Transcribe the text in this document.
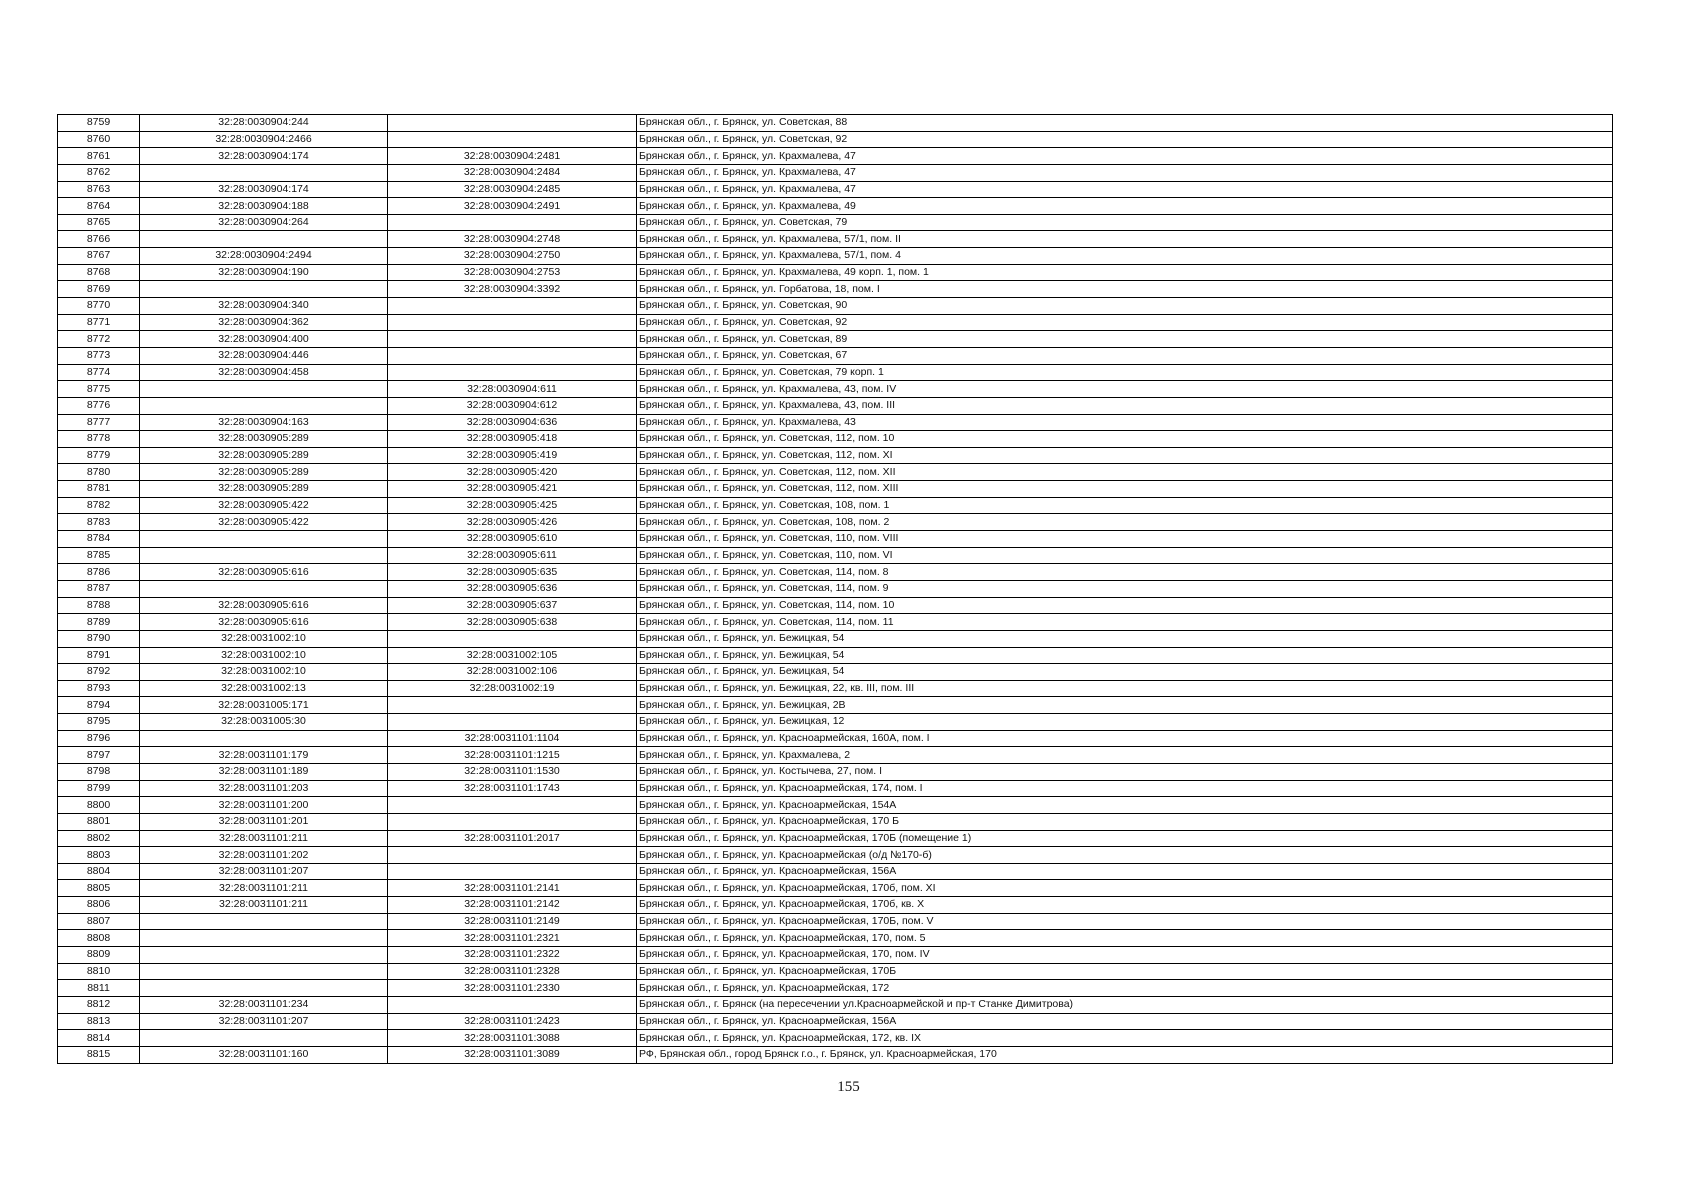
8759	32:28:0030904:244		Брянская обл., г. Брянск, ул. Советская, 88
8760	32:28:0030904:2466		Брянская обл., г. Брянск, ул. Советская, 92
8761	32:28:0030904:174	32:28:0030904:2481	Брянская обл., г. Брянск, ул. Крахмалева, 47
8762		32:28:0030904:2484	Брянская обл., г. Брянск, ул. Крахмалева, 47
8763	32:28:0030904:174	32:28:0030904:2485	Брянская обл., г. Брянск, ул. Крахмалева, 47
8764	32:28:0030904:188	32:28:0030904:2491	Брянская обл., г. Брянск, ул. Крахмалева, 49
8765	32:28:0030904:264		Брянская обл., г. Брянск, ул. Советская, 79
8766		32:28:0030904:2748	Брянская обл., г. Брянск, ул. Крахмалева, 57/1, пом. II
8767	32:28:0030904:2494	32:28:0030904:2750	Брянская обл., г. Брянск, ул. Крахмалева, 57/1, пом. 4
8768	32:28:0030904:190	32:28:0030904:2753	Брянская обл., г. Брянск, ул. Крахмалева, 49 корп. 1, пом. 1
8769		32:28:0030904:3392	Брянская обл., г. Брянск, ул. Горбатова, 18, пом. I
8770	32:28:0030904:340		Брянская обл., г. Брянск, ул. Советская, 90
8771	32:28:0030904:362		Брянская обл., г. Брянск, ул. Советская, 92
8772	32:28:0030904:400		Брянская обл., г. Брянск, ул. Советская, 89
8773	32:28:0030904:446		Брянская обл., г. Брянск, ул. Советская, 67
8774	32:28:0030904:458		Брянская обл., г. Брянск, ул. Советская, 79 корп. 1
8775		32:28:0030904:611	Брянская обл., г. Брянск, ул. Крахмалева, 43, пом. IV
8776		32:28:0030904:612	Брянская обл., г. Брянск, ул. Крахмалева, 43, пом. III
8777	32:28:0030904:163	32:28:0030904:636	Брянская обл., г. Брянск, ул. Крахмалева, 43
8778	32:28:0030905:289	32:28:0030905:418	Брянская обл., г. Брянск, ул. Советская, 112, пом. 10
8779	32:28:0030905:289	32:28:0030905:419	Брянская обл., г. Брянск, ул. Советская, 112, пом. XI
8780	32:28:0030905:289	32:28:0030905:420	Брянская обл., г. Брянск, ул. Советская, 112, пом. XII
8781	32:28:0030905:289	32:28:0030905:421	Брянская обл., г. Брянск, ул. Советская, 112, пом. XIII
8782	32:28:0030905:422	32:28:0030905:425	Брянская обл., г. Брянск, ул. Советская, 108, пом. 1
8783	32:28:0030905:422	32:28:0030905:426	Брянская обл., г. Брянск, ул. Советская, 108, пом. 2
8784		32:28:0030905:610	Брянская обл., г. Брянск, ул. Советская, 110, пом. VIII
8785		32:28:0030905:611	Брянская обл., г. Брянск, ул. Советская, 110, пом. VI
8786	32:28:0030905:616	32:28:0030905:635	Брянская обл., г. Брянск, ул. Советская, 114, пом. 8
8787		32:28:0030905:636	Брянская обл., г. Брянск, ул. Советская, 114, пом. 9
8788	32:28:0030905:616	32:28:0030905:637	Брянская обл., г. Брянск, ул. Советская, 114, пом. 10
8789	32:28:0030905:616	32:28:0030905:638	Брянская обл., г. Брянск, ул. Советская, 114, пом. 11
8790	32:28:0031002:10		Брянская обл., г. Брянск, ул. Бежицкая, 54
8791	32:28:0031002:10	32:28:0031002:105	Брянская обл., г. Брянск, ул. Бежицкая, 54
8792	32:28:0031002:10	32:28:0031002:106	Брянская обл., г. Брянск, ул. Бежицкая, 54
8793	32:28:0031002:13	32:28:0031002:19	Брянская обл., г. Брянск, ул. Бежицкая, 22, кв. III, пом. III
8794	32:28:0031005:171		Брянская обл., г. Брянск, ул. Бежицкая, 2В
8795	32:28:0031005:30		Брянская обл., г. Брянск, ул. Бежицкая, 12
8796		32:28:0031101:1104	Брянская обл., г. Брянск, ул. Красноармейская, 160А, пом. I
8797	32:28:0031101:179	32:28:0031101:1215	Брянская обл., г. Брянск, ул. Крахмалева, 2
8798	32:28:0031101:189	32:28:0031101:1530	Брянская обл., г. Брянск, ул. Костычева, 27, пом. I
8799	32:28:0031101:203	32:28:0031101:1743	Брянская обл., г. Брянск, ул. Красноармейская, 174, пом. I
8800	32:28:0031101:200		Брянская обл., г. Брянск, ул. Красноармейская, 154А
8801	32:28:0031101:201		Брянская обл., г. Брянск, ул. Красноармейская, 170 Б
8802	32:28:0031101:211	32:28:0031101:2017	Брянская обл., г. Брянск, ул. Красноармейская, 170Б (помещение 1)
8803	32:28:0031101:202		Брянская обл., г. Брянск, ул. Красноармейская (о/д №170-б)
8804	32:28:0031101:207		Брянская обл., г. Брянск, ул. Красноармейская, 156А
8805	32:28:0031101:211	32:28:0031101:2141	Брянская обл., г. Брянск, ул. Красноармейская, 170б, пом. XI
8806	32:28:0031101:211	32:28:0031101:2142	Брянская обл., г. Брянск, ул. Красноармейская, 170б, кв. X
8807		32:28:0031101:2149	Брянская обл., г. Брянск, ул. Красноармейская, 170Б, пом. V
8808		32:28:0031101:2321	Брянская обл., г. Брянск, ул. Красноармейская, 170, пом. 5
8809		32:28:0031101:2322	Брянская обл., г. Брянск, ул. Красноармейская, 170, пом. IV
8810		32:28:0031101:2328	Брянская обл., г. Брянск, ул. Красноармейская, 170Б
8811		32:28:0031101:2330	Брянская обл., г. Брянск, ул. Красноармейская, 172
8812	32:28:0031101:234		Брянская обл., г. Брянск (на пересечении ул.Красноармейской и пр-т Станке Димитрова)
8813	32:28:0031101:207	32:28:0031101:2423	Брянская обл., г. Брянск, ул. Красноармейская, 156А
8814		32:28:0031101:3088	Брянская обл., г. Брянск, ул. Красноармейская, 172, кв. IX
8815	32:28:0031101:160	32:28:0031101:3089	РФ, Брянская обл., город Брянск г.о., г. Брянск, ул. Красноармейская, 170
155
